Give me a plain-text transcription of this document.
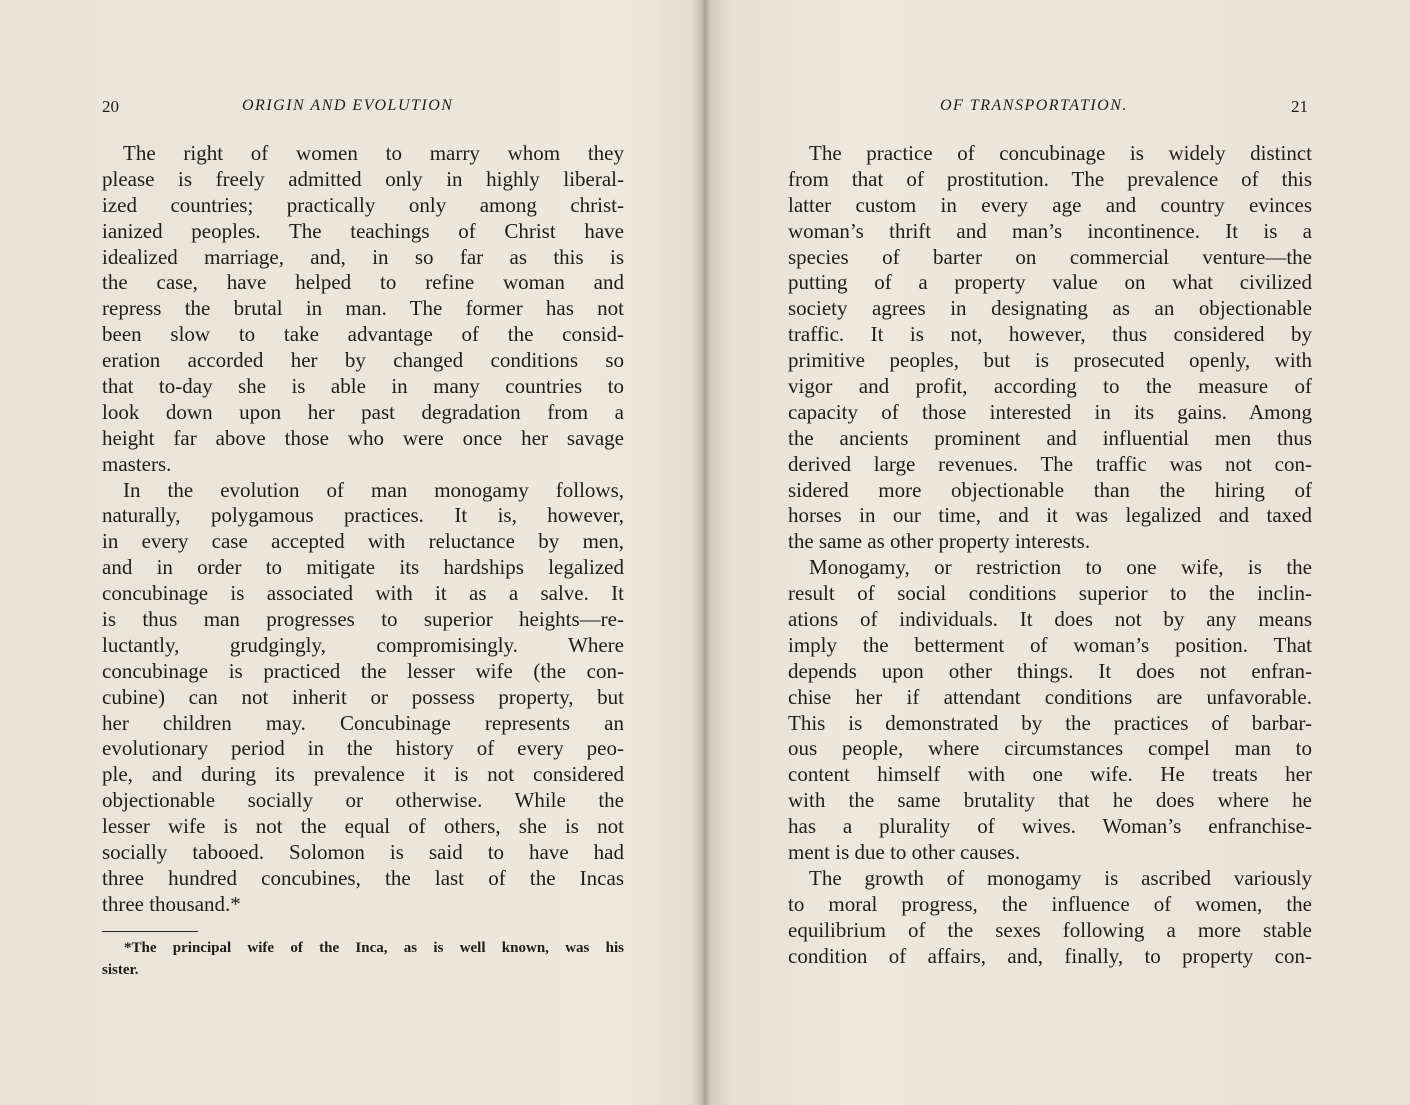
20	ORIGIN AND EVOLUTION
The right of women to marry whom they
please is freely admitted only in highly liberal-
ized countries; practically only among christ-
ianized peoples. The teachings of Christ have
idealized marriage, and, in so far as this is
the case, have helped to refine woman and
repress the brutal in man. The former has not
been slow to take advantage of the consid-
eration accorded her by changed conditions so
that to-day she is able in many countries to
look down upon her past degradation from a
height far above those who were once her savage
masters.
In the evolution of man monogamy follows,
naturally, polygamous practices. It is, however,
in every case accepted with reluctance by men,
and in order to mitigate its hardships legalized
concubinage is associated with it as a salve. It
is thus man progresses to superior heights—re-
luctantly, grudgingly, compromisingly. Where
concubinage is practiced the lesser wife (the con-
cubine) can not inherit or possess property, but
her children may. Concubinage represents an
evolutionary period in the history of every peo-
ple, and during its prevalence it is not considered
objectionable socially or otherwise. While the
lesser wife is not the equal of others, she is not
socially tabooed. Solomon is said to have had
three hundred concubines, the last of the Incas
three thousand.*
*The principal wife of the Inca, as is well known, was his
sister.
OF TRANSPORTATION.	21
The practice of concubinage is widely distinct
from that of prostitution. The prevalence of this
latter custom in every age and country evinces
woman’s thrift and man’s incontinence. It is a
species of barter on commercial venture—the
putting of a property value on what civilized
society agrees in designating as an objectionable
traffic. It is not, however, thus considered by
primitive peoples, but is prosecuted openly, with
vigor and profit, according to the measure of
capacity of those interested in its gains. Among
the ancients prominent and influential men thus
derived large revenues. The traffic was not con-
sidered more objectionable than the hiring of
horses in our time, and it was legalized and taxed
the same as other property interests.
Monogamy, or restriction to one wife, is the
result of social conditions superior to the inclin-
ations of individuals. It does not by any means
imply the betterment of woman’s position. That
depends upon other things. It does not enfran-
chise her if attendant conditions are unfavorable.
This is demonstrated by the practices of barbar-
ous people, where circumstances compel man to
content himself with one wife. He treats her
with the same brutality that he does where he
has a plurality of wives. Woman’s enfranchise-
ment is due to other causes.
The growth of monogamy is ascribed variously
to moral progress, the influence of women, the
equilibrium of the sexes following a more stable
condition of affairs, and, finally, to property con-
